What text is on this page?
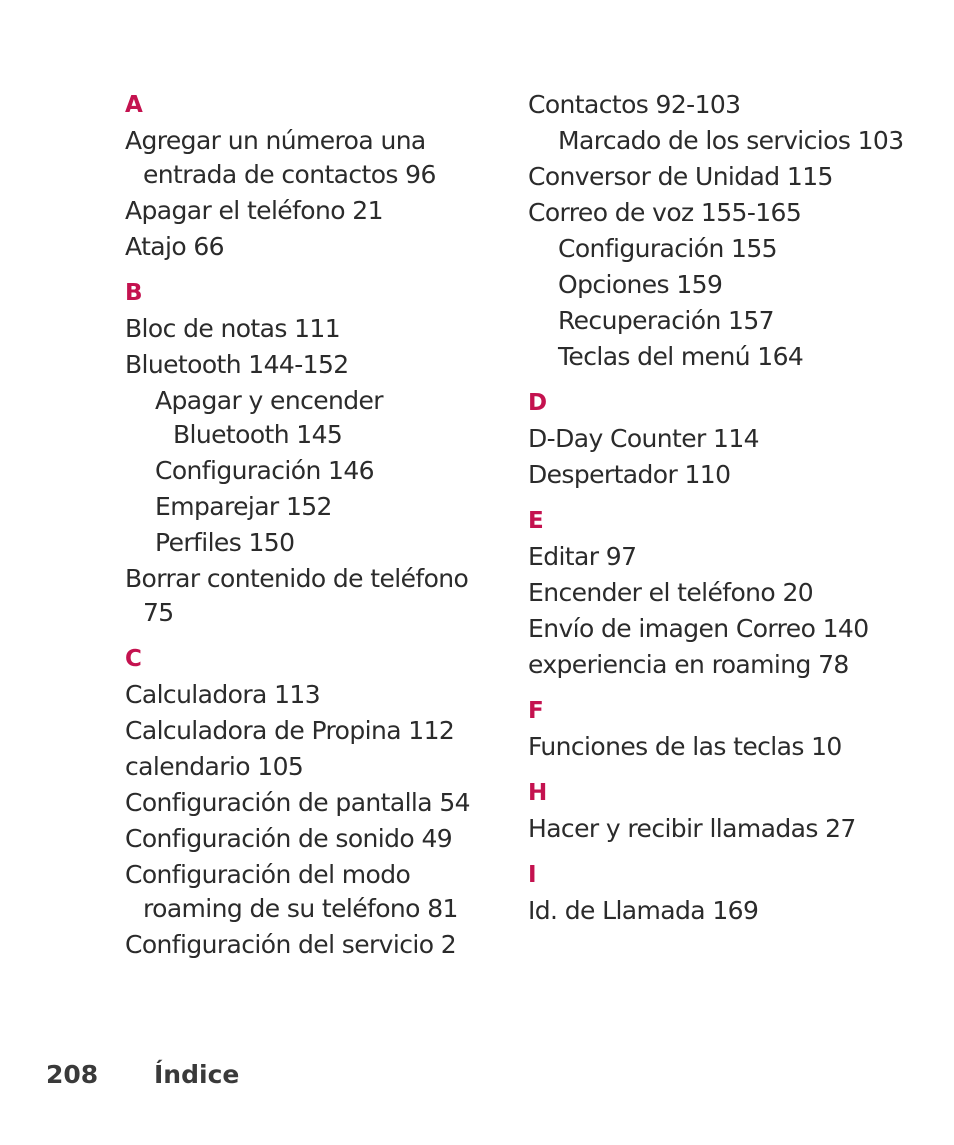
A
Agregar un númeroa una entrada de contactos 96
Apagar el teléfono 21
Atajo 66
B
Bloc de notas 111
Bluetooth 144-152
Apagar y encender Bluetooth 145
Configuración 146
Emparejar 152
Perfiles 150
Borrar contenido de teléfono 75
C
Calculadora 113
Calculadora de Propina 112
calendario 105
Configuración de pantalla 54
Configuración de sonido 49
Configuración del modo roaming de su teléfono 81
Configuración del servicio 2
Contactos 92-103
Marcado de los servicios 103
Conversor de Unidad 115
Correo de voz 155-165
Configuración 155
Opciones 159
Recuperación 157
Teclas del menú 164
D
D-Day Counter 114
Despertador 110
E
Editar 97
Encender el teléfono 20
Envío de imagen Correo 140
experiencia en roaming 78
F
Funciones de las teclas 10
H
Hacer y recibir llamadas 27
I
Id. de Llamada 169
208 Índice
